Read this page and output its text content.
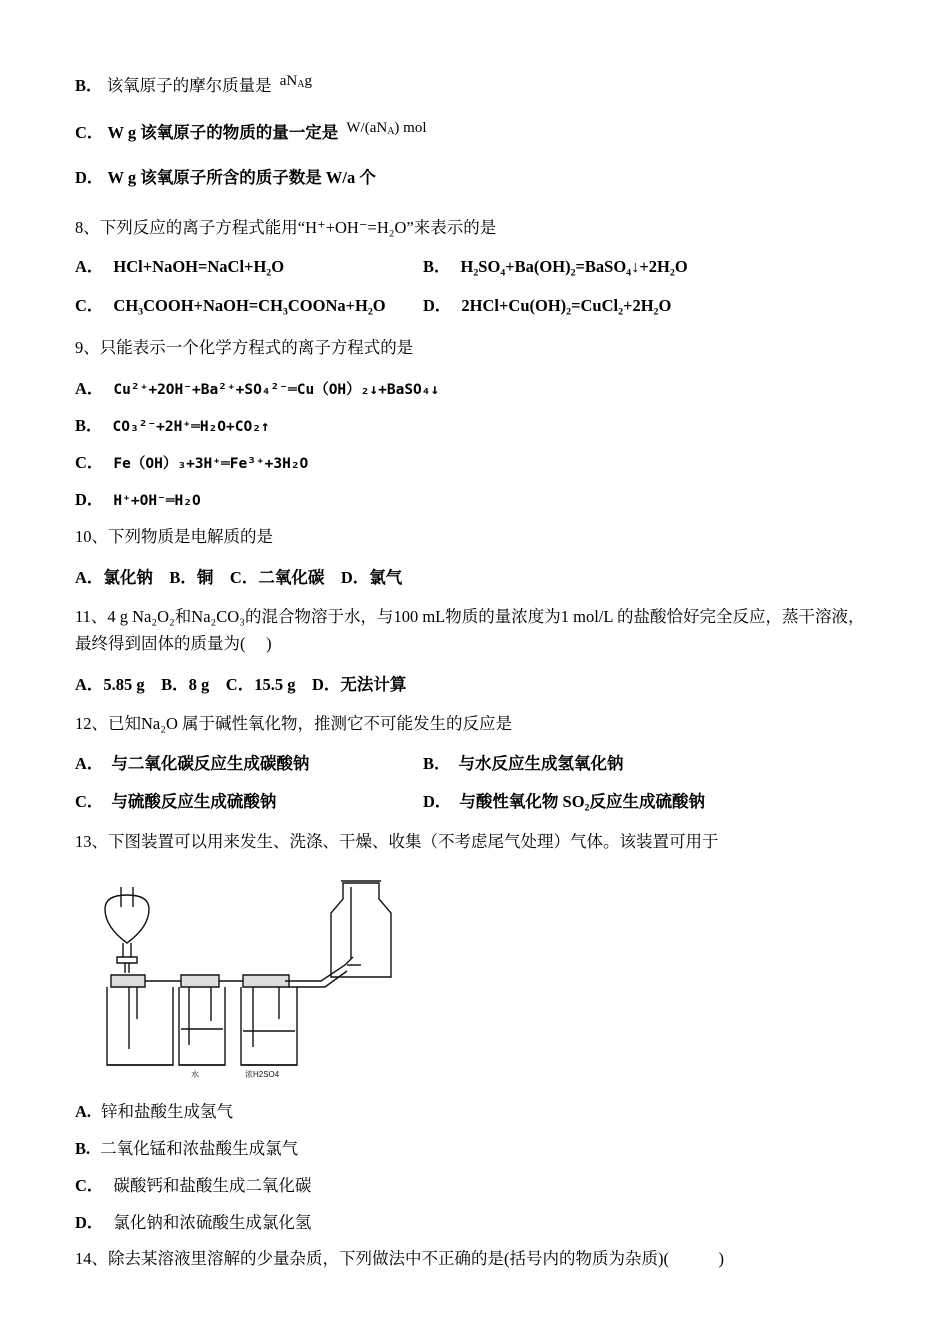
B． 该氧原子的摩尔质量是 aNAg
C． W g 该氧原子的物质的量一定是 W/(aNA) mol
D． W g 该氧原子所含的质子数是 W/a 个
8、下列反应的离子方程式能用“H⁺+OH⁻=H₂O”来表示的是
A． HCl+NaOH=NaCl+H₂O	B． H₂SO₄+Ba(OH)₂=BaSO₄↓+2H₂O
C． CH₃COOH+NaOH=CH₃COONa+H₂O	D． 2HCl+Cu(OH)₂=CuCl₂+2H₂O
9、只能表示一个化学方程式的离子方程式的是
A． Cu²⁺+2OH⁻+Ba²⁺+SO₄²⁻═Cu（OH）₂↓+BaSO₄↓
B． CO₃²⁻+2H⁺═H₂O+CO₂↑
C． Fe（OH）₃+3H⁺═Fe³⁺+3H₂O
D． H⁺+OH⁻═H₂O
10、下列物质是电解质的是
A．氯化钠　B．铜　C．二氧化碳　D．氯气
11、4 g Na₂O₂和Na₂CO₃的混合物溶于水，与100 mL物质的量浓度为1 mol/L 的盐酸恰好完全反应，蒸干溶液，最终得到固体的质量为(　 )
A．5.85 g　B．8 g　C．15.5 g　D．无法计算
12、已知Na₂O 属于碱性氧化物，推测它不可能发生的反应是
A． 与二氧化碳反应生成碳酸钠	B． 与水反应生成氢氧化钠
C． 与硫酸反应生成硫酸钠	D． 与酸性氧化物 SO₂反应生成硫酸钠
13、下图装置可以用来发生、洗涤、干燥、收集（不考虑尾气处理）气体。该装置可用于
水	浓H2SO4
A. 锌和盐酸生成氢气
B. 二氧化锰和浓盐酸生成氯气
C． 碳酸钙和盐酸生成二氧化碳
D． 氯化钠和浓硫酸生成氯化氢
14、除去某溶液里溶解的少量杂质，下列做法中不正确的是(括号内的物质为杂质)(　　　)
